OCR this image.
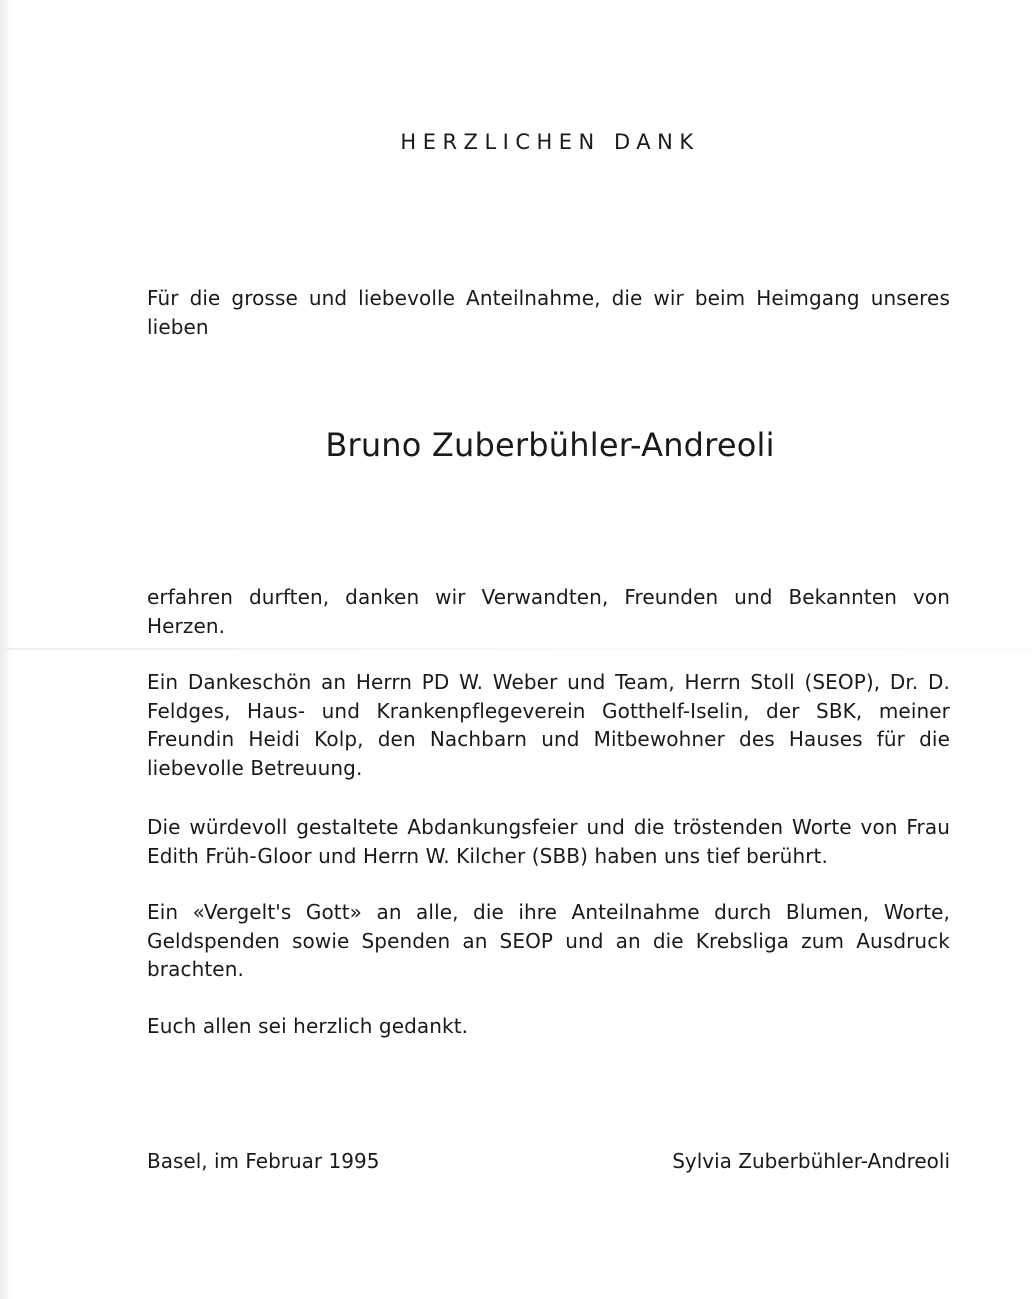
HERZLICHEN DANK

Für die grosse und liebevolle Anteilnahme, die wir beim Heimgang unseres lieben

Bruno Zuberbühler-Andreoli

erfahren durften, danken wir Verwandten, Freunden und Bekannten von Herzen.

Ein Dankeschön an Herrn PD W. Weber und Team, Herrn Stoll (SEOP), Dr. D. Feldges, Haus- und Krankenpflegeverein Gotthelf-Iselin, der SBK, meiner Freundin Heidi Kolp, den Nachbarn und Mitbewohner des Hauses für die liebevolle Betreuung.

Die würdevoll gestaltete Abdankungsfeier und die tröstenden Worte von Frau Edith Früh-Gloor und Herrn W. Kilcher (SBB) haben uns tief berührt.

Ein «Vergelt's Gott» an alle, die ihre Anteilnahme durch Blumen, Worte, Geldspenden sowie Spenden an SEOP und an die Krebsliga zum Ausdruck brachten.

Euch allen sei herzlich gedankt.

Basel, im Februar 1995	Sylvia Zuberbühler-Andreoli
